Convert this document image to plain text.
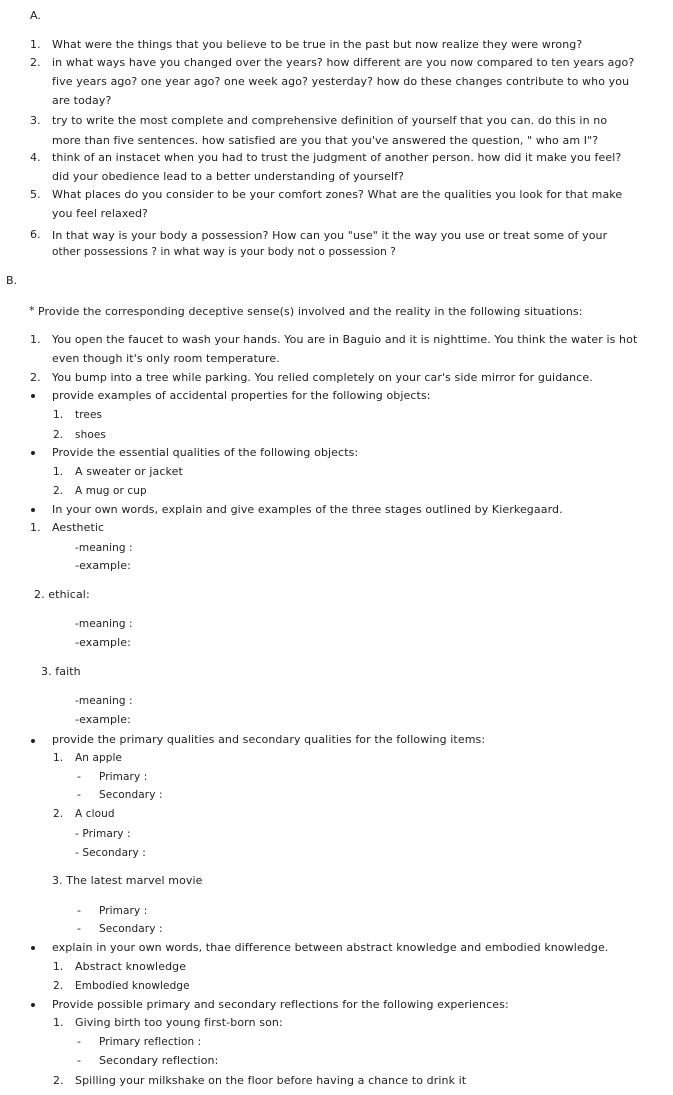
A.
1. What were the things that you believe to be true in the past but now realize they were wrong?
2. in what ways have you changed over the years? how different are you now compared to ten years ago?
five years ago? one year ago? one week ago? yesterday? how do these changes contribute to who you
are today?
3. try to write the most complete and comprehensive definition of yourself that you can. do this in no
more than five sentences. how satisfied are you that you've answered the question, " who am I"?
4. think of an instacet when you had to trust the judgment of another person. how did it make you feel?
did your obedience lead to a better understanding of yourself?
5. What places do you consider to be your comfort zones? What are the qualities you look for that make
you feel relaxed?
6. In that way is your body a possession? How can you "use" it the way you use or treat some of your
other possessions ? in what way is your body not o possession ?
B.
* Provide the corresponding deceptive sense(s) involved and the reality in the following situations:
1. You open the faucet to wash your hands. You are in Baguio and it is nighttime. You think the water is hot
even though it's only room temperature.
2. You bump into a tree while parking. You relied completely on your car's side mirror for guidance.
provide examples of accidental properties for the following objects:
1. trees
2. shoes
Provide the essential qualities of the following objects:
1. A sweater or jacket
2. A mug or cup
In your own words, explain and give examples of the three stages outlined by Kierkegaard.
1. Aesthetic
-meaning :
-example:
2. ethical:
-meaning :
-example:
3. faith
-meaning :
-example:
provide the primary qualities and secondary qualities for the following items:
1. An apple
- Primary :
- Secondary :
2. A cloud
- Primary :
- Secondary :
3. The latest marvel movie
- Primary :
- Secondary :
explain in your own words, thae difference between abstract knowledge and embodied knowledge.
1. Abstract knowledge
2. Embodied knowledge
Provide possible primary and secondary reflections for the following experiences:
1. Giving birth too young first-born son:
- Primary reflection :
- Secondary reflection:
2. Spilling your milkshake on the floor before having a chance to drink it
